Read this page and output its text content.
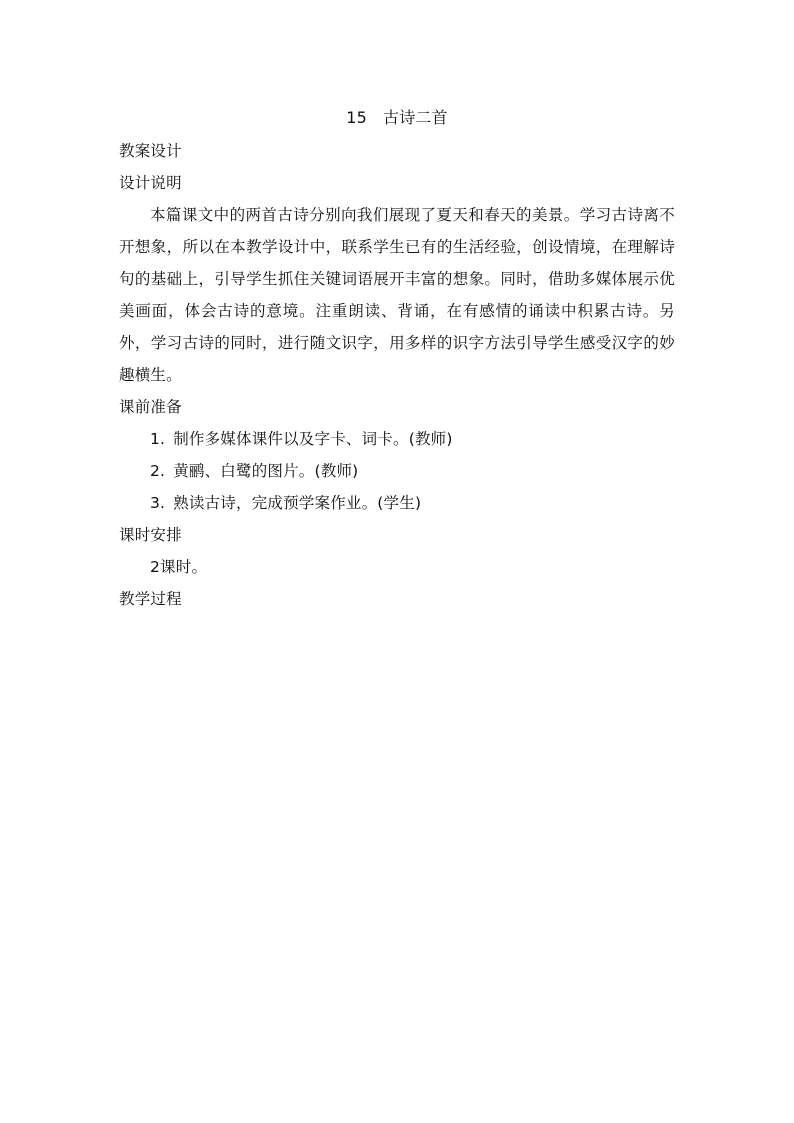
15 古诗二首

教案设计

设计说明

本篇课文中的两首古诗分别向我们展现了夏天和春天的美景。学习古诗离不开想象，所以在本教学设计中，联系学生已有的生活经验，创设情境，在理解诗句的基础上，引导学生抓住关键词语展开丰富的想象。同时，借助多媒体展示优美画面，体会古诗的意境。注重朗读、背诵，在有感情的诵读中积累古诗。另外，学习古诗的同时，进行随文识字，用多样的识字方法引导学生感受汉字的妙趣横生。

课前准备

1. 制作多媒体课件以及字卡、词卡。(教师)
2. 黄鹂、白鹭的图片。(教师)
3. 熟读古诗，完成预学案作业。(学生)

课时安排

2课时。

教学过程
